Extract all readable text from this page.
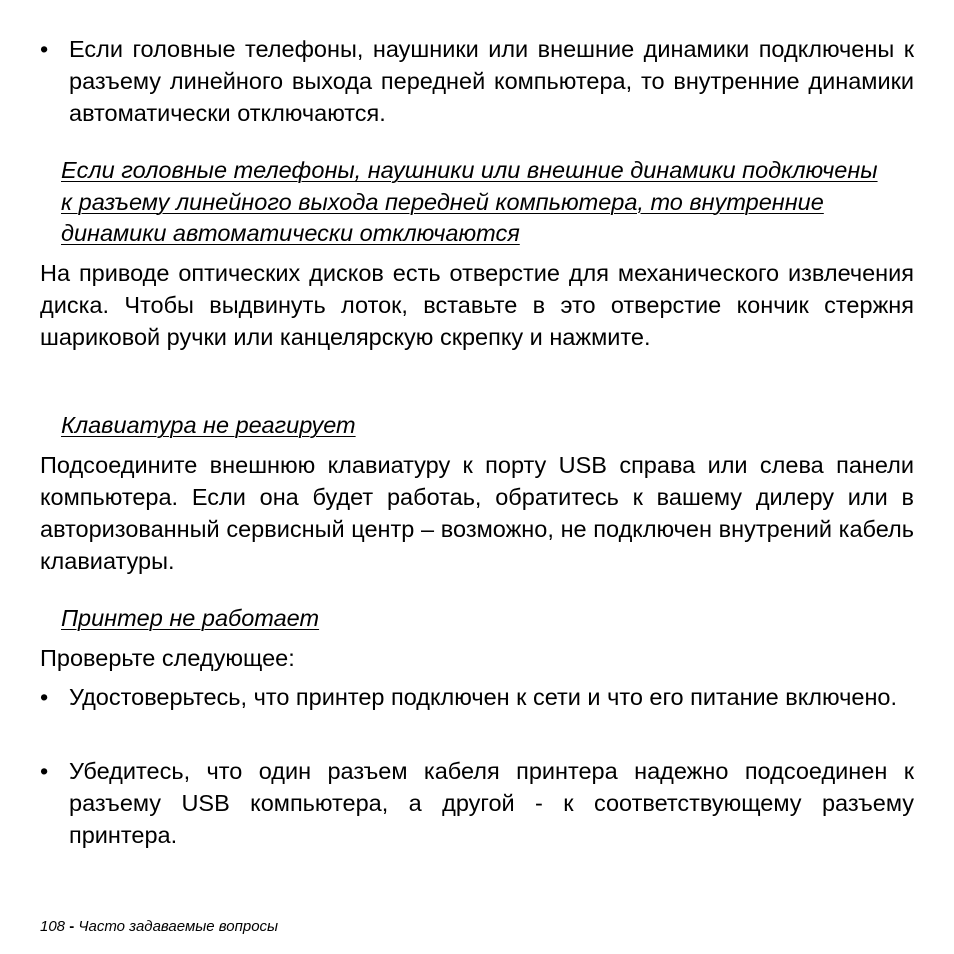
• Если головные телефоны, наушники или внешние динамики подключены к разъему линейного выхода передней компьютера, то внутренние динамики автоматически отключаются.
Если головные телефоны, наушники или внешние динамики подключены к разъему линейного выхода передней компьютера, то внутренние динамики автоматически отключаются
На приводе оптических дисков есть отверстие для механического извлечения диска. Чтобы выдвинуть лоток, вставьте в это отверстие кончик стержня шариковой ручки или канцелярскую скрепку и нажмите.
Клавиатура не реагирует
Подсоедините внешнюю клавиатуру к порту USB справа или слева панели компьютера. Если она будет работаь, обратитесь к вашему дилеру или в авторизованный сервисный центр – возможно, не подключен внутрений кабель клавиатуры.
Принтер не работает
Проверьте следующее:
• Удостоверьтесь, что принтер подключен к сети и что его питание включено.
• Убедитесь, что один разъем кабеля принтера надежно подсоединен к разъему USB компьютера, а другой - к соответствующему разъему принтера.
108 - Часто задаваемые вопросы
